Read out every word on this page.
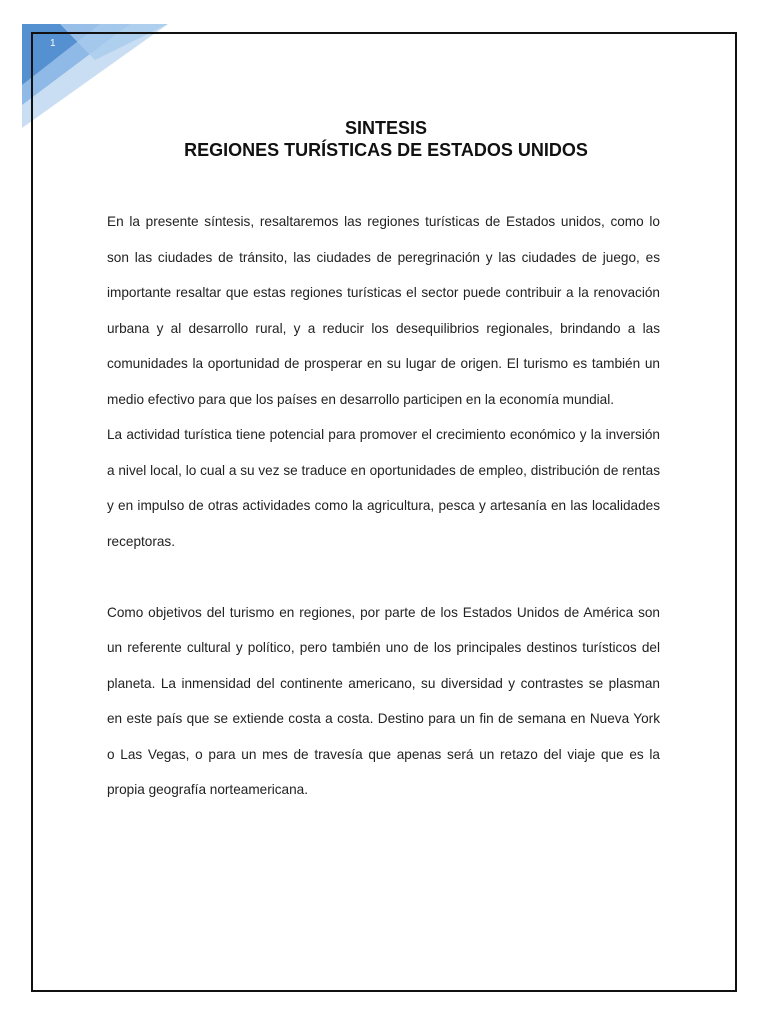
1
SINTESIS
REGIONES TURÍSTICAS DE ESTADOS UNIDOS

En la presente síntesis, resaltaremos las regiones turísticas de Estados unidos, como lo son las ciudades de tránsito, las ciudades de peregrinación y las ciudades de juego, es importante resaltar que estas regiones turísticas el sector puede contribuir a la renovación urbana y al desarrollo rural, y a reducir los desequilibrios regionales, brindando a las comunidades la oportunidad de prosperar en su lugar de origen. El turismo es también un medio efectivo para que los países en desarrollo participen en la economía mundial.

La actividad turística tiene potencial para promover el crecimiento económico y la inversión a nivel local, lo cual a su vez se traduce en oportunidades de empleo, distribución de rentas y en impulso de otras actividades como la agricultura, pesca y artesanía en las localidades receptoras.

Como objetivos del turismo en regiones, por parte de los Estados Unidos de América son un referente cultural y político, pero también uno de los principales destinos turísticos del planeta. La inmensidad del continente americano, su diversidad y contrastes se plasman en este país que se extiende costa a costa. Destino para un fin de semana en Nueva York o Las Vegas, o para un mes de travesía que apenas será un retazo del viaje que es la propia geografía norteamericana.
